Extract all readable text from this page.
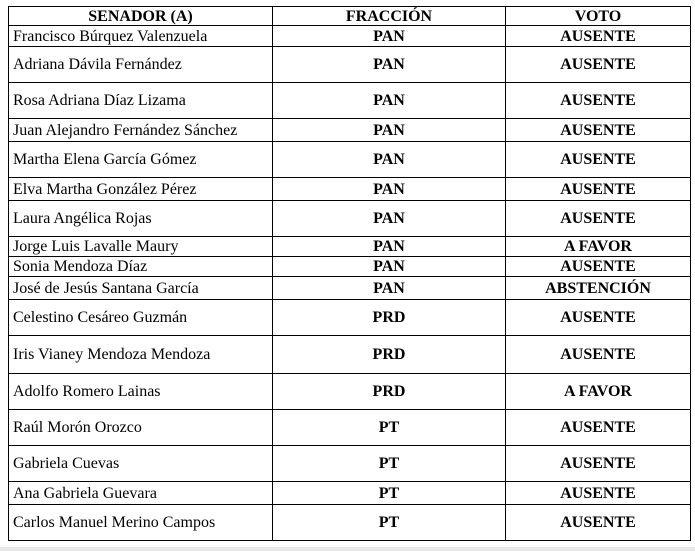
SENADOR (A)	FRACCIÓN	VOTO
Francisco Búrquez Valenzuela	PAN	AUSENTE
Adriana Dávila Fernández	PAN	AUSENTE
Rosa Adriana Díaz Lizama	PAN	AUSENTE
Juan Alejandro Fernández Sánchez	PAN	AUSENTE
Martha Elena García Gómez	PAN	AUSENTE
Elva Martha González Pérez	PAN	AUSENTE
Laura Angélica Rojas	PAN	AUSENTE
Jorge Luis Lavalle Maury	PAN	A FAVOR
Sonia Mendoza Díaz	PAN	AUSENTE
José de Jesús Santana García	PAN	ABSTENCIÓN
Celestino Cesáreo Guzmán	PRD	AUSENTE
Iris Vianey Mendoza Mendoza	PRD	AUSENTE
Adolfo Romero Lainas	PRD	A FAVOR
Raúl Morón Orozco	PT	AUSENTE
Gabriela Cuevas	PT	AUSENTE
Ana Gabriela Guevara	PT	AUSENTE
Carlos Manuel Merino Campos	PT	AUSENTE
